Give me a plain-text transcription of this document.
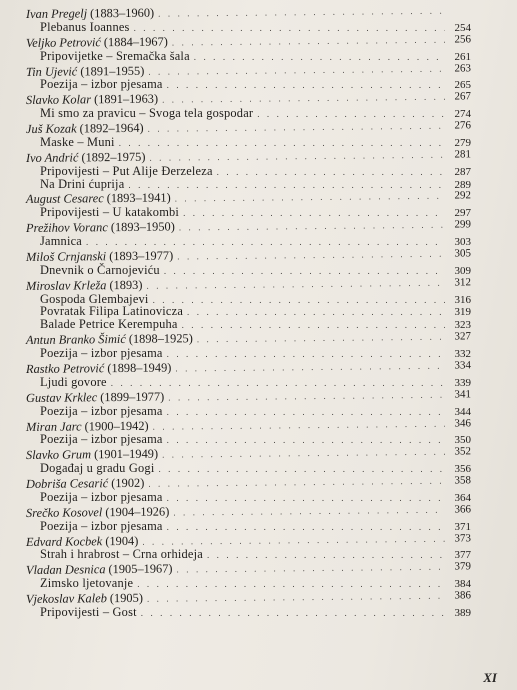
Ivan Pregelj (1883–1960)
. . .
Plebanus Ioannes . . .	254
Veljko Petrović (1884–1967) . . .	256
Pripovijetke – Sremačka šala . . .	261
Tin Ujević (1891–1955) . . .	263
Poezija – izbor pjesama . . .	265
Slavko Kolar (1891–1963) . . .	267
Mi smo za pravicu – Svoga tela gospodar . . .	274
Juš Kozak (1892–1964) . . .	276
Maske – Muni . . .	279
Ivo Andrić (1892–1975) . . .	281
Pripovijesti – Put Alije Đerzeleza . . .	287
Na Drini ćuprija . . .	289
August Cesarec (1893–1941) . . .	292
Pripovijesti – U katakombi . . .	297
Prežihov Voranc (1893–1950) . . .	299
Jamnica . . .	303
Miloš Crnjanski (1893–1977) . . .	305
Dnevnik o Čarnojeviću . . .	309
Miroslav Krleža (1893) . . .	312
Gospoda Glembajevi . . .	316
Povratak Filipa Latinovicza . . .	319
Balade Petrice Kerempuha . . .	323
Antun Branko Šimić (1898–1925) . . .	327
Poezija – izbor pjesama . . .	332
Rastko Petrović (1898–1949) . . .	334
Ljudi govore . . .	339
Gustav Krklec (1899–1977) . . .	341
Poezija – izbor pjesama . . .	344
Miran Jarc (1900–1942) . . .	346
Poezija – izbor pjesama . . .	350
Slavko Grum (1901–1949) . . .	352
Događaj u gradu Gogi . . .	356
Dobriša Cesarić (1902) . . .	358
Poezija – izbor pjesama . . .	364
Srečko Kosovel (1904–1926) . . .	366
Poezija – izbor pjesama . . .	371
Edvard Kocbek (1904) . . .	373
Strah i hrabrost – Crna orhideja . . .	377
Vladan Desnica (1905–1967) . . .	379
Zimsko ljetovanje . . .	384
Vjekoslav Kaleb (1905) . . .	386
Pripovijesti – Gost . . .	389
XI
